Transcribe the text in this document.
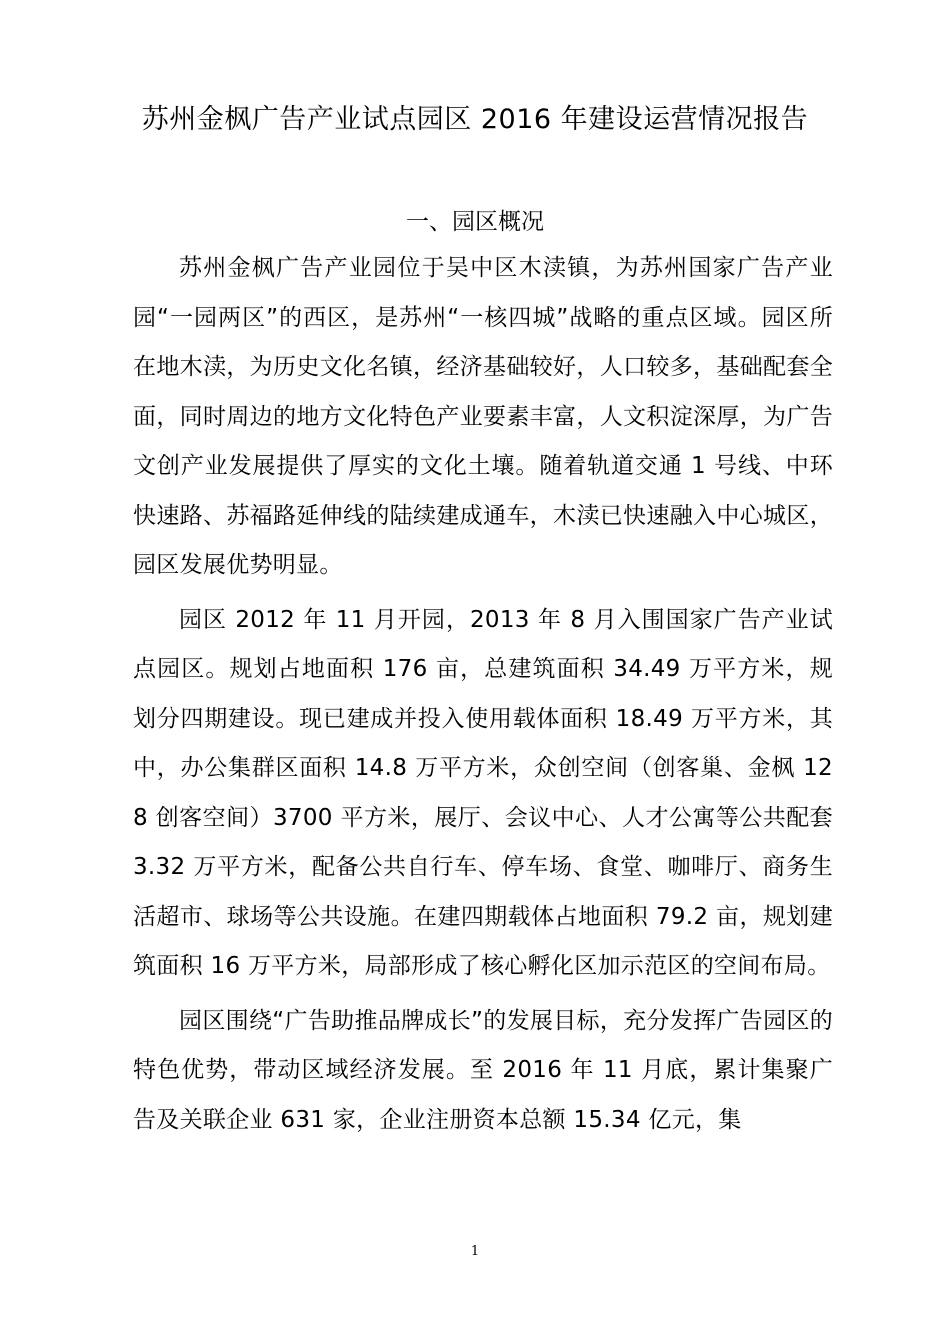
苏州金枫广告产业试点园区 2016 年建设运营情况报告
一、园区概况

苏州金枫广告产业园位于吴中区木渎镇，为苏州国家广告产业园“一园两区”的西区，是苏州“一核四城”战略的重点区域。园区所在地木渎，为历史文化名镇，经济基础较好，人口较多，基础配套全面，同时周边的地方文化特色产业要素丰富，人文积淀深厚，为广告文创产业发展提供了厚实的文化土壤。随着轨道交通 1 号线、中环快速路、苏福路延伸线的陆续建成通车，木渎已快速融入中心城区，园区发展优势明显。

园区 2012 年 11 月开园，2013 年 8 月入围国家广告产业试点园区。规划占地面积 176 亩，总建筑面积 34.49 万平方米，规划分四期建设。现已建成并投入使用载体面积 18.49 万平方米，其中，办公集群区面积 14.8 万平方米，众创空间（创客巢、金枫 128 创客空间）3700 平方米，展厅、会议中心、人才公寓等公共配套 3.32 万平方米，配备公共自行车、停车场、食堂、咖啡厅、商务生活超市、球场等公共设施。在建四期载体占地面积 79.2 亩，规划建筑面积 16 万平方米，局部形成了核心孵化区加示范区的空间布局。

园区围绕“广告助推品牌成长”的发展目标，充分发挥广告园区的特色优势，带动区域经济发展。至 2016 年 11 月底，累计集聚广告及关联企业 631 家，企业注册资本总额 15.34 亿元，集

1
